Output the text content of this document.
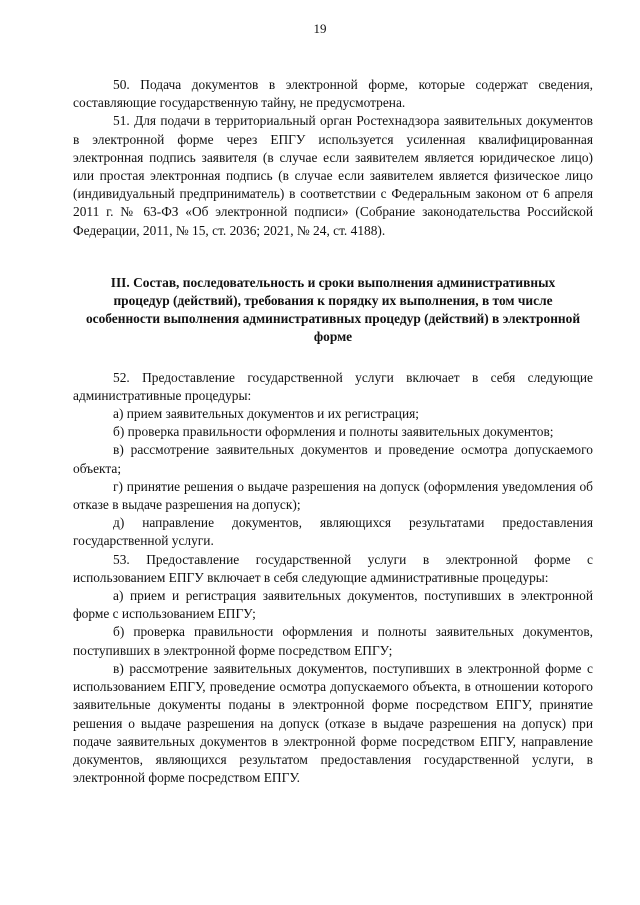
19

50. Подача документов в электронной форме, которые содержат сведения, составляющие государственную тайну, не предусмотрена.

51. Для подачи в территориальный орган Ростехнадзора заявительных документов в электронной форме через ЕПГУ используется усиленная квалифицированная электронная подпись заявителя (в случае если заявителем является юридическое лицо) или простая электронная подпись (в случае если заявителем является физическое лицо (индивидуальный предприниматель) в соответствии с Федеральным законом от 6 апреля 2011 г. № 63-ФЗ «Об электронной подписи» (Собрание законодательства Российской Федерации, 2011, № 15, ст. 2036; 2021, № 24, ст. 4188).

III. Состав, последовательность и сроки выполнения административных процедур (действий), требования к порядку их выполнения, в том числе особенности выполнения административных процедур (действий) в электронной форме

52. Предоставление государственной услуги включает в себя следующие административные процедуры:

а) прием заявительных документов и их регистрация;

б) проверка правильности оформления и полноты заявительных документов;

в) рассмотрение заявительных документов и проведение осмотра допускаемого объекта;

г) принятие решения о выдаче разрешения на допуск (оформления уведомления об отказе в выдаче разрешения на допуск);

д) направление документов, являющихся результатами предоставления государственной услуги.

53. Предоставление государственной услуги в электронной форме с использованием ЕПГУ включает в себя следующие административные процедуры:

а) прием и регистрация заявительных документов, поступивших в электронной форме с использованием ЕПГУ;

б) проверка правильности оформления и полноты заявительных документов, поступивших в электронной форме посредством ЕПГУ;

в) рассмотрение заявительных документов, поступивших в электронной форме с использованием ЕПГУ, проведение осмотра допускаемого объекта, в отношении которого заявительные документы поданы в электронной форме посредством ЕПГУ, принятие решения о выдаче разрешения на допуск (отказе в выдаче разрешения на допуск) при подаче заявительных документов в электронной форме посредством ЕПГУ, направление документов, являющихся результатом предоставления государственной услуги, в электронной форме посредством ЕПГУ.
